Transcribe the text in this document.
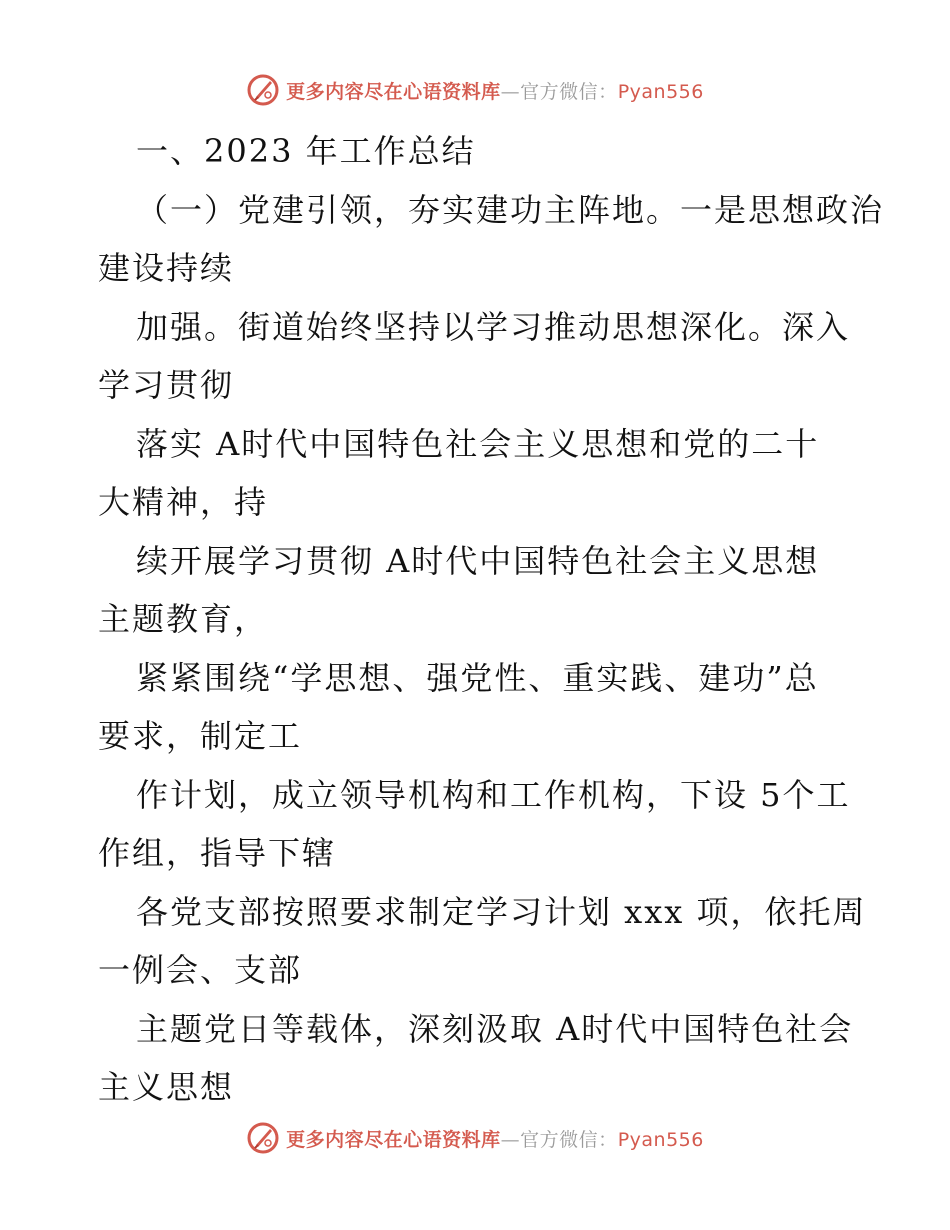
更多内容尽在心语资料库—官方微信：Pyan556
一、2023 年工作总结
（一）党建引领，夯实建功主阵地。一是思想政治
建设持续
加强。街道始终坚持以学习推动思想深化。深入
学习贯彻
落实 A时代中国特色社会主义思想和党的二十
大精神，持
续开展学习贯彻 A时代中国特色社会主义思想
主题教育，
紧紧围绕“学思想、强党性、重实践、建功”总
要求，制定工
作计划，成立领导机构和工作机构，下设 5个工
作组，指导下辖
各党支部按照要求制定学习计划 xxx 项，依托周
一例会、支部
主题党日等载体，深刻汲取 A时代中国特色社会
主义思想
更多内容尽在心语资料库—官方微信：Pyan556
